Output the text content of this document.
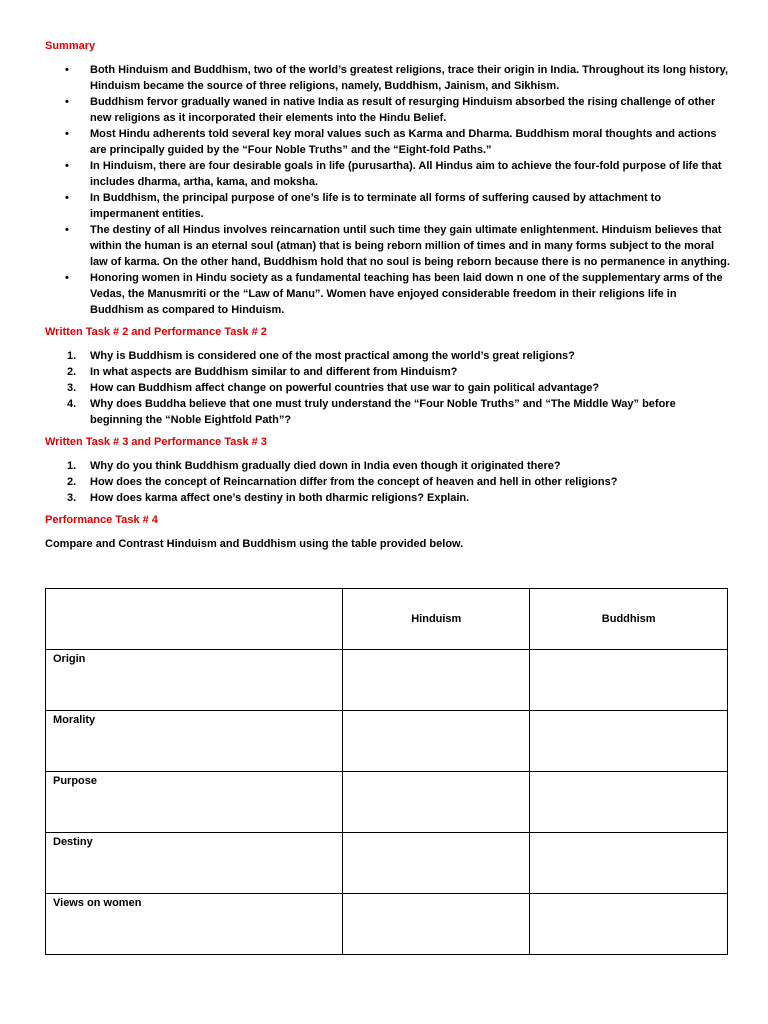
Summary

• Both Hinduism and Buddhism, two of the world’s greatest religions, trace their origin in India. Throughout its long history, Hinduism became the source of three religions, namely, Buddhism, Jainism, and Sikhism.
• Buddhism fervor gradually waned in native India as result of resurging Hinduism absorbed the rising challenge of other new religions as it incorporated their elements into the Hindu Belief.
• Most Hindu adherents told several key moral values such as Karma and Dharma. Buddhism moral thoughts and actions are principally guided by the “Four Noble Truths” and the “Eight-fold Paths.”
• In Hinduism, there are four desirable goals in life (purusartha). All Hindus aim to achieve the four-fold purpose of life that includes dharma, artha, kama, and moksha.
• In Buddhism, the principal purpose of one’s life is to terminate all forms of suffering caused by attachment to impermanent entities.
• The destiny of all Hindus involves reincarnation until such time they gain ultimate enlightenment. Hinduism believes that within the human is an eternal soul (atman) that is being reborn million of times and in many forms subject to the moral law of karma. On the other hand, Buddhism hold that no soul is being reborn because there is no permanence in anything.
• Honoring women in Hindu society as a fundamental teaching has been laid down n one of the supplementary arms of the Vedas, the Manusmriti or the “Law of Manu”. Women have enjoyed considerable freedom in their religions life in Buddhism as compared to Hinduism.

Written Task # 2 and Performance Task # 2

1. Why is Buddhism is considered one of the most practical among the world’s great religions?
2. In what aspects are Buddhism similar to and different from Hinduism?
3. How can Buddhism affect change on powerful countries that use war to gain political advantage?
4. Why does Buddha believe that one must truly understand the “Four Noble Truths” and “The Middle Way” before beginning the “Noble Eightfold Path”?

Written Task # 3 and Performance Task # 3

1. Why do you think Buddhism gradually died down in India even though it originated there?
2. How does the concept of Reincarnation differ from the concept of heaven and hell in other religions?
3. How does karma affect one’s destiny in both dharmic religions? Explain.

Performance Task # 4

Compare and Contrast Hinduism and Buddhism using the table provided below.

	Hinduism	Buddhism
Origin		
Morality		
Purpose		
Destiny		
Views on women		
